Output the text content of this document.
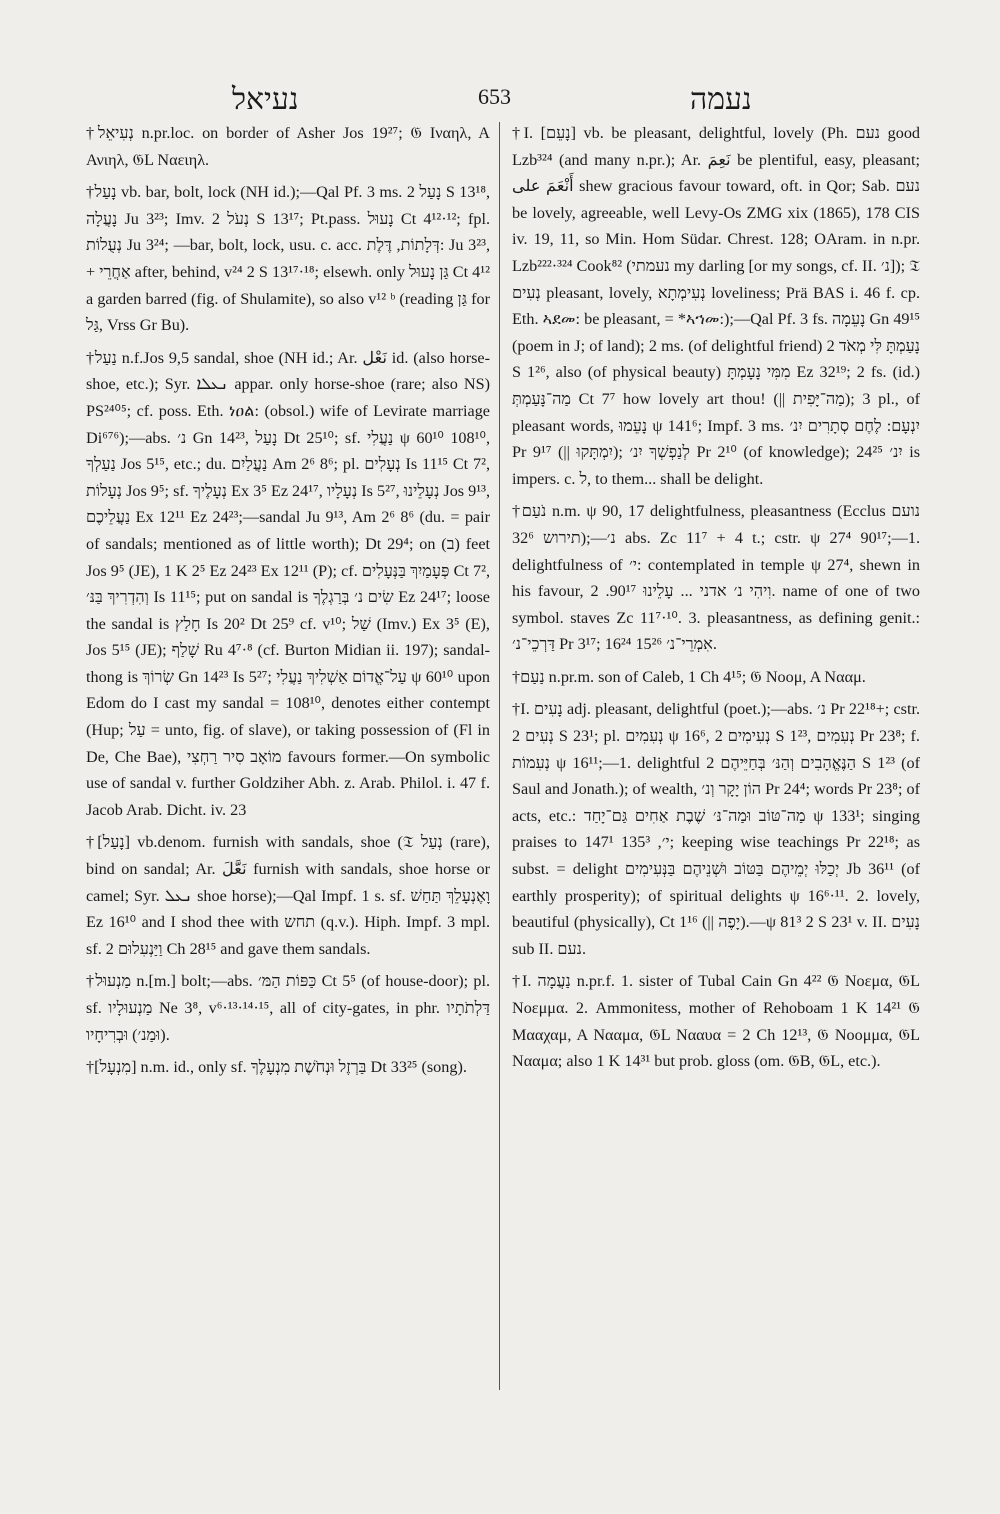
נעיאל	653	נעמה

†נְעִיאֵל n.pr.loc. on border of Asher Jos 19²⁷; 𝔊 Ιναηλ, Α Ανιηλ, 𝔊L Ναειηλ.

†נָעַל vb. bar, bolt, lock (NH id.);—Qal Pf. 3 ms. נָעַל 2 S 13¹⁸, נָעֲלָה Ju 3²³; Imv. נְעֹל 2 S 13¹⁷; Pt.pass. נָעוּל Ct 4¹²·¹²; fpl. נְעֻלוֹת Ju 3²⁴; —bar, bolt, lock, usu. c. acc. דְּלָתוֹת, דֶּלֶת: Ju 3²³, + אַחֲרֵי after, behind, v²⁴ 2 S 13¹⁷·¹⁸; elsewh. only גַּן נָעוּל Ct 4¹² a garden barred (fig. of Shulamite), so also v¹² ᵇ (reading גַּן for גַּל, Vrss Gr Bu).

†נַעַל n.f.Jos 9,5 sandal, shoe (NH id.; Ar. نَعْل id. (also horse-shoe, etc.); Syr. ܢܥܠܐ appar. only horse-shoe (rare; also NS) PS²⁴⁰⁵; cf. poss. Eth. ነዐል: (obsol.) wife of Levirate marriage Di⁶⁷⁶);—abs. נ׳ Gn 14²³, נָעַל Dt 25¹⁰; sf. נַעֲלִי ψ 60¹⁰ 108¹⁰, נַעַלְךָ Jos 5¹⁵, etc.; du. נַעֲלַיִם Am 2⁶ 8⁶; pl. נְעָלִים Is 11¹⁵ Ct 7², נְעָלוֹת Jos 9⁵; sf. נְעָלֶיךָ Ex 3⁵ Ez 24¹⁷, נְעָלָיו Is 5²⁷, נְעָלֵינוּ Jos 9¹³, נַעֲלֵיכֶם Ex 12¹¹ Ez 24²³;—sandal Ju 9¹³, Am 2⁶ 8⁶ (du. = pair of sandals; mentioned as of little worth); Dt 29⁴; on (ב) feet Jos 9⁵ (JE), 1 K 2⁵ Ez 24²³ Ex 12¹¹ (P); cf. פְּעָמַיִךְ בַּנְּעָלִים Ct 7², וְהִדְרִיךְ בַּנּ׳ Is 11¹⁵; put on sandal is שִׂים נ׳ בְּרַגְלֶךָ Ez 24¹⁷; loose the sandal is חָלַץ Is 20² Dt 25⁹ cf. v¹⁰; שַׁל (Imv.) Ex 3⁵ (E), Jos 5¹⁵ (JE); שָׁלַף Ru 4⁷·⁸ (cf. Burton Midian ii. 197); sandal-thong is שְׂרוֹךְ Gn 14²³ Is 5²⁷; עַל־אֱדוֹם אַשְׁלִיךְ נַעֲלִי ψ 60¹⁰ upon Edom do I cast my sandal = 108¹⁰, denotes either contempt (Hup; עַל = unto, fig. of slave), or taking possession of (Fl in De, Che Bae), מוֹאָב סִיר רַחְצִי favours former.—On symbolic use of sandal v. further Goldziher Abh. z. Arab. Philol. i. 47 f. Jacob Arab. Dicht. iv. 23

†[נָעַל] vb.denom. furnish with sandals, shoe (𝔗 נְעַל (rare), bind on sandal; Ar. نَعَّلَ furnish with sandals, shoe horse or camel; Syr. ܢܥܠ shoe horse);—Qal Impf. 1 s. sf. וָאֶנְעָלֵךְ תַּחַשׁ Ez 16¹⁰ and I shod thee with תחש (q.v.). Hiph. Impf. 3 mpl. sf. וַיַּנְעִלוּם 2 Ch 28¹⁵ and gave them sandals.

†מַנְעוּל n.[m.] bolt;—abs. כַּפּוֹת הַמּ׳ Ct 5⁵ (of house-door); pl. sf. מַנְעוּלָיו Ne 3⁸, v⁶·¹³·¹⁴·¹⁵, all of city-gates, in phr. דַּלְתֹתָיו (וּמַנ׳) וּבְרִיחָיו.

†[מִנְעָל] n.m. id., only sf. בַּרְזֶל וּנְחֹשֶׁת מִנְעָלֶךָ Dt 33²⁵ (song).

†I. [נָעֵם] vb. be pleasant, delightful, lovely (Ph. נעם good Lzb³²⁴ (and many n.pr.); Ar. نَعِمَ be plentiful, easy, pleasant; أَنْعَمَ على shew gracious favour toward, oft. in Qor; Sab. נעם be lovely, agreeable, well Levy-Os ZMG xix (1865), 178 CIS iv. 19, 11, so Min. Hom Südar. Chrest. 128; OAram. in n.pr. Lzb²²²·³²⁴ Cook⁸² (נעמתי my darling [or my songs, cf. II. נ׳]); 𝔗 נְעִים pleasant, lovely, נְעִימְתָא loveliness; Prä BAS i. 46 f. cp. Eth. ኣደመ: be pleasant, = *ኣኀመ:);—Qal Pf. 3 fs. נָעֵמָה Gn 49¹⁵ (poem in J; of land); 2 ms. (of delightful friend) נָעַמְתָּ לִּי מְאֹד 2 S 1²⁶, also (of physical beauty) מִמִּי נָעָמְתָּ Ez 32¹⁹; 2 fs. (id.) מַה־נָּעַמְתְּ Ct 7⁷ how lovely art thou! (|| מַה־יָּפִית); 3 pl., of pleasant words, נָעֵמוּ ψ 141⁶; Impf. 3 ms. יִנְעָם: לֶחֶם סְתָרִים יִנ׳ Pr 9¹⁷ (|| יִמְתָּקוּ); לְנַפְשְׁךָ יִנ׳ Pr 2¹⁰ (of knowledge); יִנ׳ 24²⁵ is impers. c. ל, to them... shall be delight.

†נֹעַם n.m. ψ 90, 17 delightfulness, pleasantness (Ecclus נועם תירוש 32⁶);—נ׳ abs. Zc 11⁷ + 4 t.; cstr. ψ 27⁴ 90¹⁷;—1. delightfulness of י׳: contemplated in temple ψ 27⁴, shewn in his favour, וִיהִי נ׳ אדני ... עָלֵינוּ 90¹⁷. 2. name of one of two symbol. staves Zc 11⁷·¹⁰. 3. pleasantness, as defining genit.: דַּרְכֵי־נ׳ Pr 3¹⁷; אִמְרֵי־נ׳ 15²⁶ 16²⁴.

†נַעַם n.pr.m. son of Caleb, 1 Ch 4¹⁵; 𝔊 Νοομ, Α Νααμ.

†I. נָעִים adj. pleasant, delightful (poet.);—abs. נ׳ Pr 22¹⁸+; cstr. נְעִים 2 S 23¹; pl. נְעִמִים ψ 16⁶, נְעִימִים 2 S 1²³, נְעִמִים Pr 23⁸; f. נְעִמוֹת ψ 16¹¹;—1. delightful הַנֶּאֱהָבִים וְהַנּ׳ בְּחַיֵּיהֶם 2 S 1²³ (of Saul and Jonath.); of wealth, הוֹן יָקָר וְנ׳ Pr 24⁴; words Pr 23⁸; of acts, etc.: מַה־טּוֹב וּמַה־נּ׳ שֶׁבֶת אַחִים גַּם־יָחַד ψ 133¹; singing praises to י׳, 135³ 147¹; keeping wise teachings Pr 22¹⁸; as subst. = delight יְכַלּוּ יְמֵיהֶם בַּטּוֹב וּשְׁנֵיהֶם בַּנְּעִימִים Jb 36¹¹ (of earthly prosperity); of spiritual delights ψ 16⁶·¹¹. 2. lovely, beautiful (physically), Ct 1¹⁶ (|| יָפֶה).—ψ 81³ 2 S 23¹ v. II. נָעִים sub II. נעם.

†I. נַעֲמָה n.pr.f. 1. sister of Tubal Cain Gn 4²² 𝔊 Νοεμα, 𝔊L Νοεμμα. 2. Ammonitess, mother of Rehoboam 1 K 14²¹ 𝔊 Μααχαμ, Α Νααμα, 𝔊L Νααυα = 2 Ch 12¹³, 𝔊 Νοομμα, 𝔊L Νααμα; also 1 K 14³¹ but prob. gloss (om. 𝔊B, 𝔊L, etc.).
